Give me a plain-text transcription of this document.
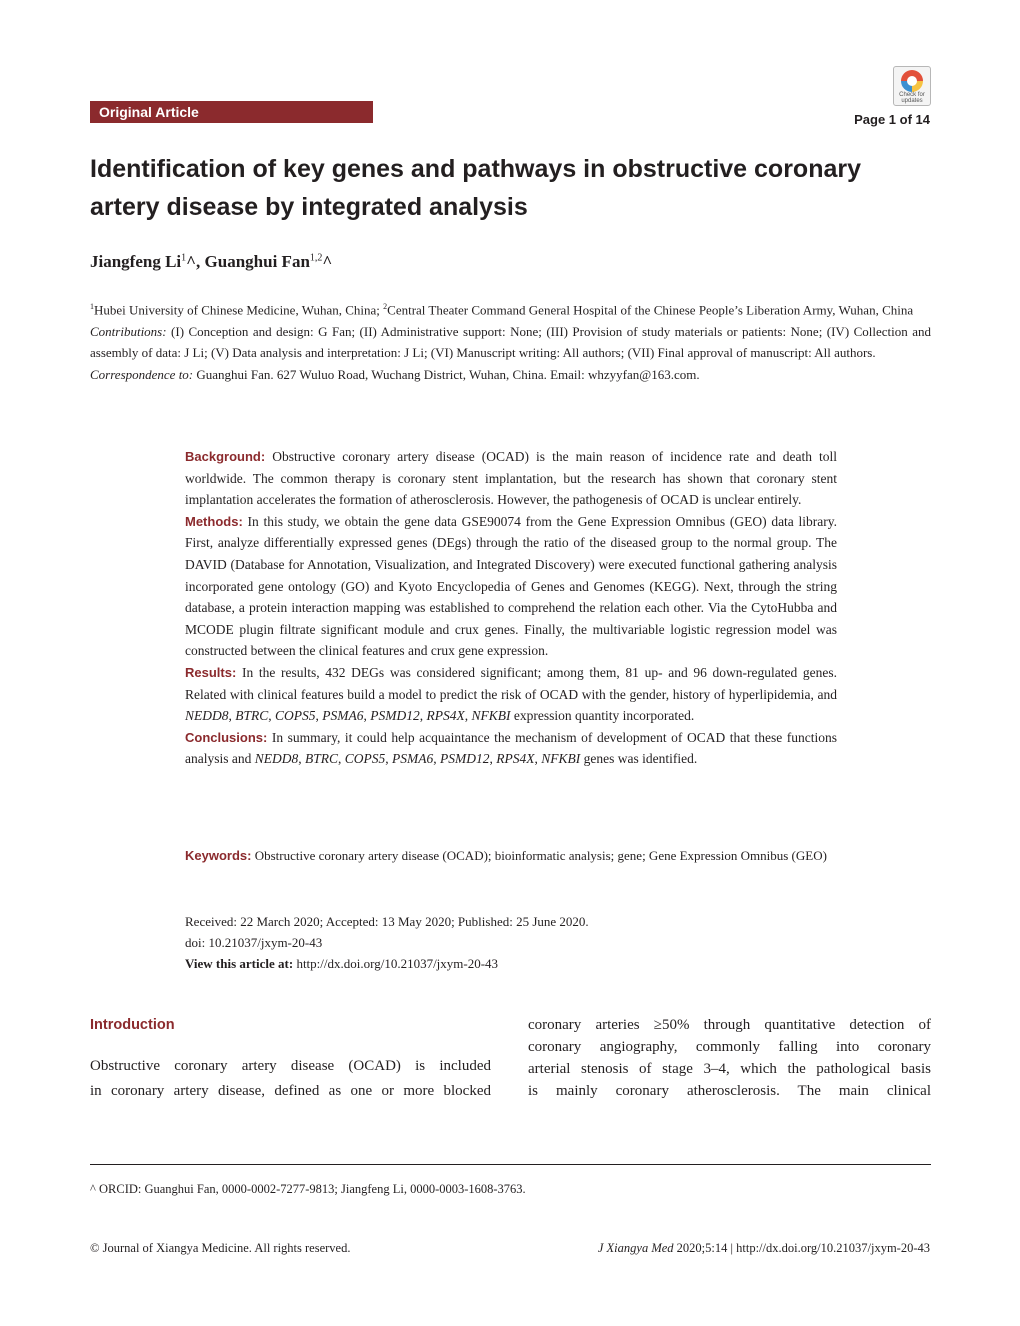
Original Article
Check for
updates
Page 1 of 14
Identification of key genes and pathways in obstructive coronary artery disease by integrated analysis
Jiangfeng Li$^1$^, Guanghui Fan$^{1,2}$^
$^1$Hubei University of Chinese Medicine, Wuhan, China; $^2$Central Theater Command General Hospital of the Chinese People’s Liberation Army, Wuhan, China
Contributions: (I) Conception and design: G Fan; (II) Administrative support: None; (III) Provision of study materials or patients: None; (IV) Collection and assembly of data: J Li; (V) Data analysis and interpretation: J Li; (VI) Manuscript writing: All authors; (VII) Final approval of manuscript: All authors.
Correspondence to: Guanghui Fan. 627 Wuluo Road, Wuchang District, Wuhan, China. Email: whzyyfan@163.com.

Background: Obstructive coronary artery disease (OCAD) is the main reason of incidence rate and death toll worldwide. The common therapy is coronary stent implantation, but the research has shown that coronary stent implantation accelerates the formation of atherosclerosis. However, the pathogenesis of OCAD is unclear entirely.

Methods: In this study, we obtain the gene data GSE90074 from the Gene Expression Omnibus (GEO) data library. First, analyze differentially expressed genes (DEgs) through the ratio of the diseased group to the normal group. The DAVID (Database for Annotation, Visualization, and Integrated Discovery) were executed functional gathering analysis incorporated gene ontology (GO) and Kyoto Encyclopedia of Genes and Genomes (KEGG). Next, through the string database, a protein interaction mapping was established to comprehend the relation each other. Via the CytoHubba and MCODE plugin filtrate significant module and crux genes. Finally, the multivariable logistic regression model was constructed between the clinical features and crux gene expression.

Results: In the results, 432 DEGs was considered significant; among them, 81 up- and 96 down-regulated genes. Related with clinical features build a model to predict the risk of OCAD with the gender, history of hyperlipidemia, and NEDD8, BTRC, COPS5, PSMA6, PSMD12, RPS4X, NFKBI expression quantity incorporated.

Conclusions: In summary, it could help acquaintance the mechanism of development of OCAD that these functions analysis and NEDD8, BTRC, COPS5, PSMA6, PSMD12, RPS4X, NFKBI genes was identified.

Keywords: Obstructive coronary artery disease (OCAD); bioinformatic analysis; gene; Gene Expression Omnibus (GEO)
Received: 22 March 2020; Accepted: 13 May 2020; Published: 25 June 2020.
doi: 10.21037/jxym-20-43
View this article at: http://dx.doi.org/10.21037/jxym-20-43
Introduction
Obstructive coronary artery disease (OCAD) is included
in coronary artery disease, defined as one or more blocked
coronary arteries ≥50% through quantitative detection of
coronary angiography, commonly falling into coronary
arterial stenosis of stage 3–4, which the pathological basis
is mainly coronary atherosclerosis. The main clinical
^ ORCID: Guanghui Fan, 0000-0002-7277-9813; Jiangfeng Li, 0000-0003-1608-3763.
© Journal of Xiangya Medicine. All rights reserved.	J Xiangya Med 2020;5:14 | http://dx.doi.org/10.21037/jxym-20-43
